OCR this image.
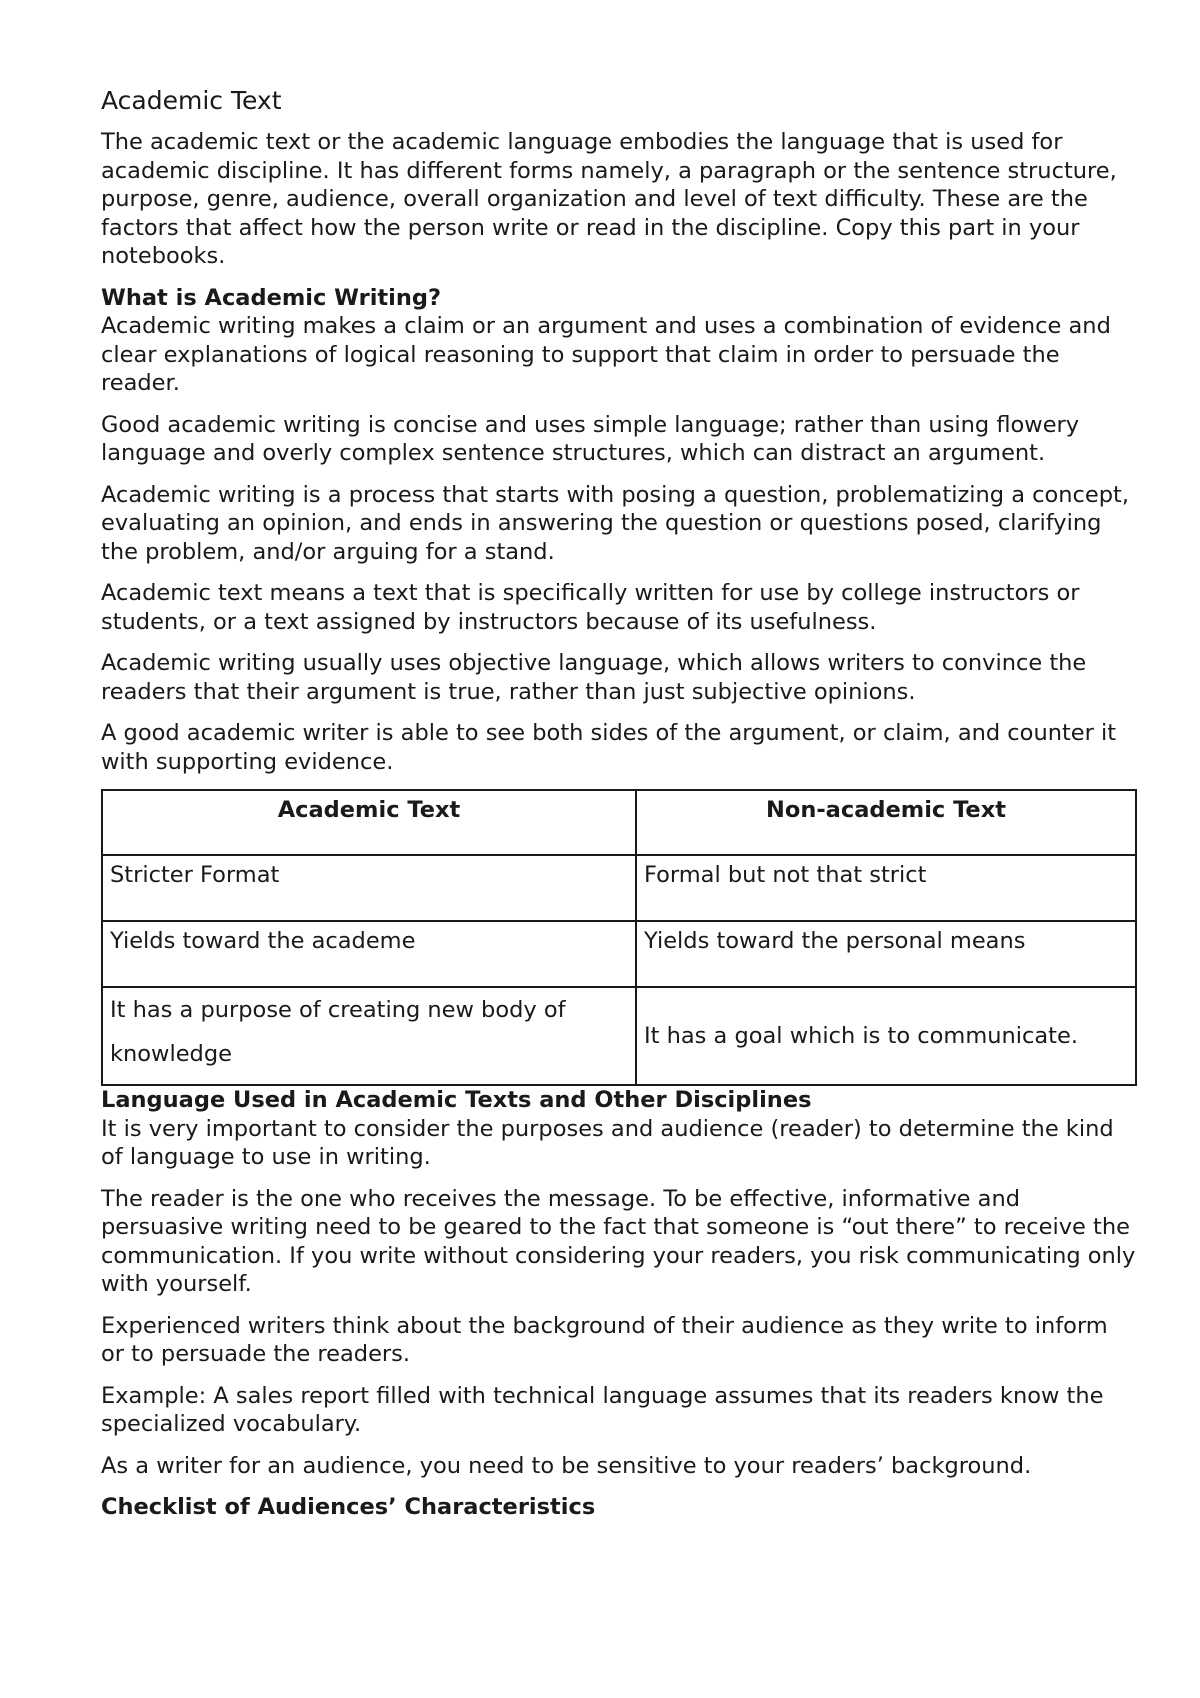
Academic Text

The academic text or the academic language embodies the language that is used for academic discipline. It has different forms namely, a paragraph or the sentence structure, purpose, genre, audience, overall organization and level of text difficulty. These are the factors that affect how the person write or read in the discipline. Copy this part in your notebooks.

What is Academic Writing?

Academic writing makes a claim or an argument and uses a combination of evidence and clear explanations of logical reasoning to support that claim in order to persuade the reader.

Good academic writing is concise and uses simple language; rather than using flowery language and overly complex sentence structures, which can distract an argument.

Academic writing is a process that starts with posing a question, problematizing a concept, evaluating an opinion, and ends in answering the question or questions posed, clarifying the problem, and/or arguing for a stand.

Academic text means a text that is specifically written for use by college instructors or students, or a text assigned by instructors because of its usefulness.

Academic writing usually uses objective language, which allows writers to convince the readers that their argument is true, rather than just subjective opinions.

A good academic writer is able to see both sides of the argument, or claim, and counter it with supporting evidence.

Academic Text	Non-academic Text
Stricter Format	Formal but not that strict
Yields toward the academe	Yields toward the personal means
It has a purpose of creating new body of knowledge	It has a goal which is to communicate.
Language Used in Academic Texts and Other Disciplines

It is very important to consider the purposes and audience (reader) to determine the kind of language to use in writing.

The reader is the one who receives the message. To be effective, informative and persuasive writing need to be geared to the fact that someone is “out there” to receive the communication. If you write without considering your readers, you risk communicating only with yourself.

Experienced writers think about the background of their audience as they write to inform or to persuade the readers.

Example: A sales report filled with technical language assumes that its readers know the specialized vocabulary.

As a writer for an audience, you need to be sensitive to your readers’ background.

Checklist of Audiences’ Characteristics
